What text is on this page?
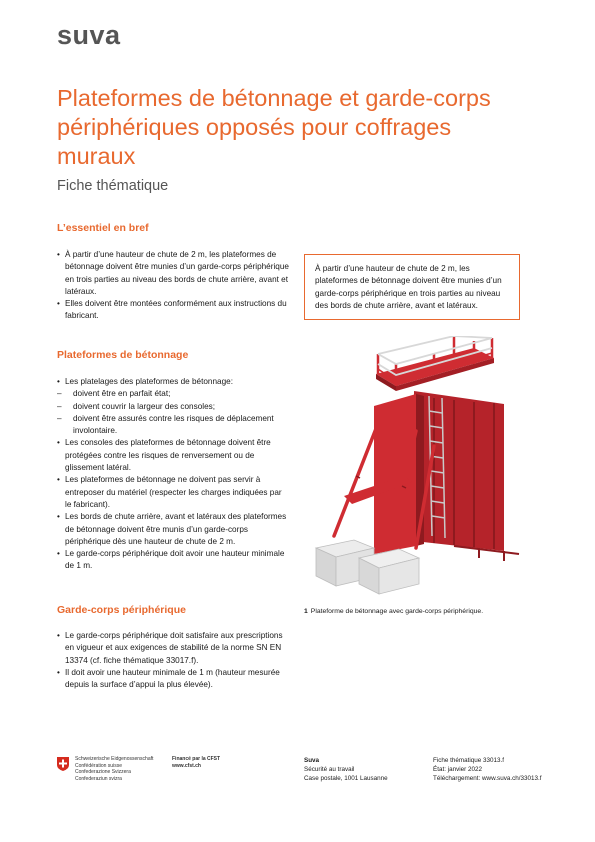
suva
Plateformes de bétonnage et garde-corps périphériques opposés pour coffrages muraux
Fiche thématique
L’essentiel en bref
• À partir d’une hauteur de chute de 2 m, les plateformes de bétonnage doivent être munies d’un garde-corps périphérique en trois parties au niveau des bords de chute arrière, avant et latéraux.
• Elles doivent être montées conformément aux instructions du fabricant.
À partir d’une hauteur de chute de 2 m, les plateformes de bétonnage doivent être munies d’un garde-corps périphérique en trois parties au niveau des bords de chute arrière, avant et latéraux.
Plateformes de bétonnage
• Les platelages des plateformes de bétonnage:
– doivent être en parfait état;
– doivent couvrir la largeur des consoles;
– doivent être assurés contre les risques de déplacement involontaire.
• Les consoles des plateformes de bétonnage doivent être protégées contre les risques de renversement ou de glissement latéral.
• Les plateformes de bétonnage ne doivent pas servir à entreposer du matériel (respecter les charges indiquées par le fabricant).
• Les bords de chute arrière, avant et latéraux des plateformes de bétonnage doivent être munis d’un garde-corps périphérique dès une hauteur de chute de 2 m.
• Le garde-corps périphérique doit avoir une hauteur minimale de 1 m.
Garde-corps périphérique
• Le garde-corps périphérique doit satisfaire aux prescriptions en vigueur et aux exigences de stabilité de la norme SN EN 13374 (cf. fiche thématique 33017.f).
• Il doit avoir une hauteur minimale de 1 m (hauteur mesurée depuis la surface d’appui la plus élevée).
1 Plateforme de bétonnage avec garde-corps périphérique.
Schweizerische Eidgenossenschaft
Confédération suisse
Confederazione Svizzera
Confederaziun svizra
Financé par la CFST
www.cfst.ch
Suva
Sécurité au travail
Case postale, 1001 Lausanne
Fiche thématique 33013.f
État: janvier 2022
Téléchargement: www.suva.ch/33013.f
